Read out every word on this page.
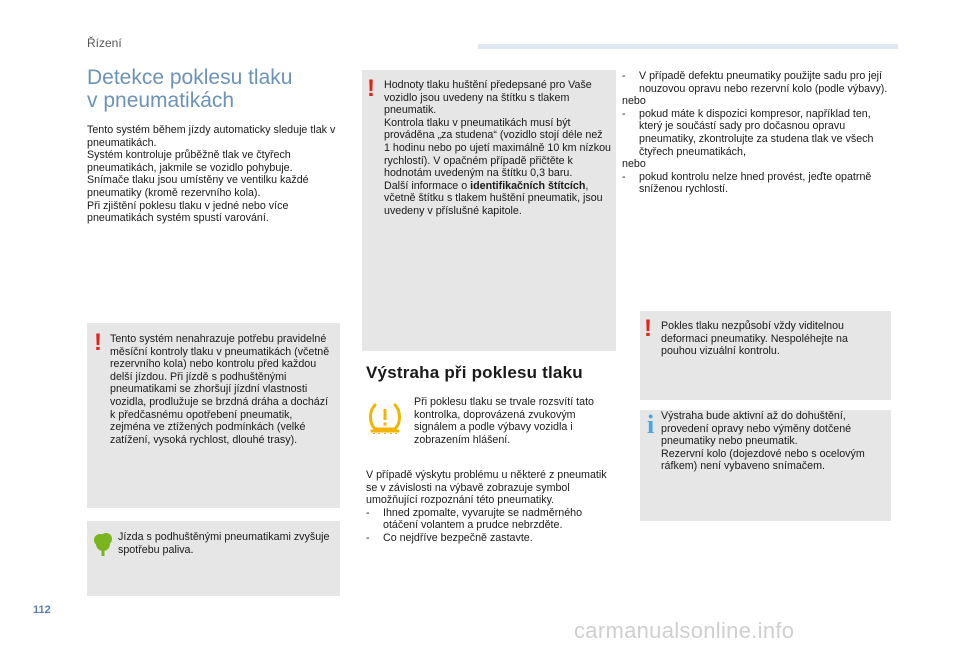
Řízení
112
Detekce poklesu tlaku
v pneumatikách

Tento systém během jízdy automaticky sleduje tlak v pneumatikách.

Systém kontroluje průběžně tlak ve čtyřech pneumatikách, jakmile se vozidlo pohybuje.

Snímače tlaku jsou umístěny ve ventilku každé pneumatiky (kromě rezervního kola).

Při zjištění poklesu tlaku v jedné nebo více pneumatikách systém spustí varování.

! Tento systém nenahrazuje potřebu pravidelné měsíční kontroly tlaku v pneumatikách (včetně rezervního kola) nebo kontrolu před každou delší jízdou. Při jízdě s podhuštěnými pneumatikami se zhoršují jízdní vlastnosti vozidla, prodlužuje se brzdná dráha a dochází k předčasnému opotřebení pneumatik, zejména ve ztížených podmínkách (velké zatížení, vysoká rychlost, dlouhé trasy).

Jízda s podhuštěnými pneumatikami zvyšuje spotřebu paliva.

! Hodnoty tlaku huštění předepsané pro Vaše vozidlo jsou uvedeny na štítku s tlakem pneumatik.

Kontrola tlaku v pneumatikách musí být prováděna „za studena“ (vozidlo stojí déle než 1 hodinu nebo po ujetí maximálně 10 km nízkou rychlostí). V opačném případě přičtěte k hodnotám uvedeným na štítku 0,3 baru.

Další informace o identifikačních štítcích, včetně štítku s tlakem huštění pneumatik, jsou uvedeny v příslušné kapitole.

Výstraha při poklesu tlaku

Při poklesu tlaku se trvale rozsvítí tato kontrolka, doprovázená zvukovým signálem a podle výbavy vozidla i zobrazením hlášení.

V případě výskytu problému u některé z pneumatik se v závislosti na výbavě zobrazuje symbol umožňující rozpoznání této pneumatiky.

- Ihned zpomalte, vyvarujte se nadměrného otáčení volantem a prudce nebrzděte.
- Co nejdříve bezpečně zastavte.
- V případě defektu pneumatiky použijte sadu pro její nouzovou opravu nebo rezervní kolo (podle výbavy).

nebo

- pokud máte k dispozici kompresor, například ten, který je součástí sady pro dočasnou opravu pneumatiky, zkontrolujte za studena tlak ve všech čtyřech pneumatikách,

nebo

- pokud kontrolu nelze hned provést, jeďte opatrně sníženou rychlostí.
! Pokles tlaku nezpůsobí vždy viditelnou deformaci pneumatiky. Nespoléhejte na pouhou vizuální kontrolu.

i Výstraha bude aktivní až do dohuštění, provedení opravy nebo výměny dotčené pneumatiky nebo pneumatik.

Rezervní kolo (dojezdové nebo s ocelovým ráfkem) není vybaveno snímačem.

carmanualsonline.info
